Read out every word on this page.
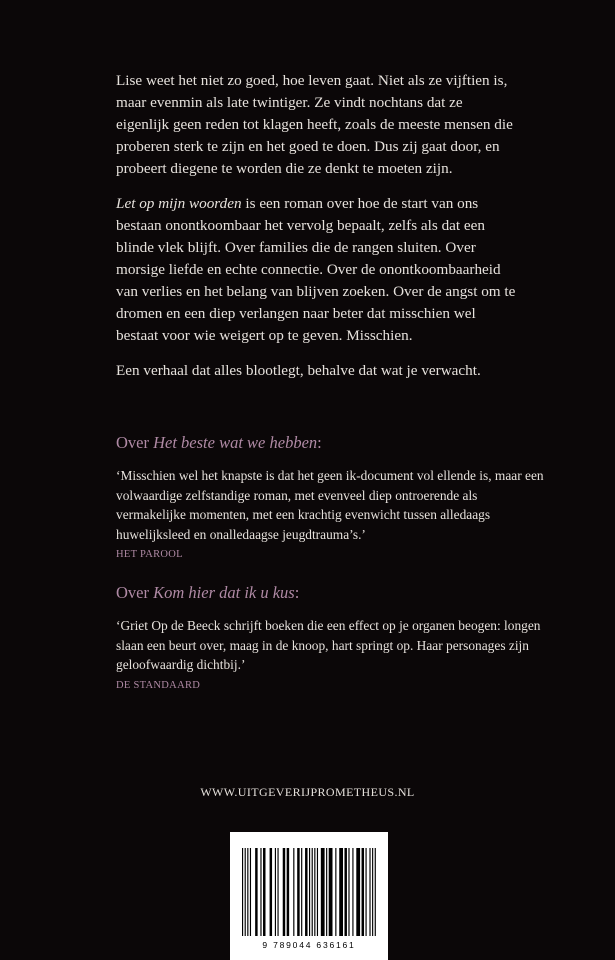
Lise weet het niet zo goed, hoe leven gaat. Niet als ze vijftien is, maar evenmin als late twintiger. Ze vindt nochtans dat ze eigenlijk geen reden tot klagen heeft, zoals de meeste mensen die proberen sterk te zijn en het goed te doen. Dus zij gaat door, en probeert diegene te worden die ze denkt te moeten zijn.

Let op mijn woorden is een roman over hoe de start van ons bestaan onontkoombaar het vervolg bepaalt, zelfs als dat een blinde vlek blijft. Over families die de rangen sluiten. Over morsige liefde en echte connectie. Over de onontkoombaarheid van verlies en het belang van blijven zoeken. Over de angst om te dromen en een diep verlangen naar beter dat misschien wel bestaat voor wie weigert op te geven. Misschien.

Een verhaal dat alles blootlegt, behalve dat wat je verwacht.

Over Het beste wat we hebben:

‘Misschien wel het knapste is dat het geen ik-document vol ellende is, maar een volwaardige zelfstandige roman, met evenveel diep ontroerende als vermakelijke momenten, met een krachtig evenwicht tussen alledaags huwelijksleed en onalledaagse jeugdtrauma’s.’

HET PAROOL

Over Kom hier dat ik u kus:

‘Griet Op de Beeck schrijft boeken die een effect op je organen beogen: longen slaan een beurt over, maag in de knoop, hart springt op. Haar personages zijn geloofwaardig dichtbij.’

DE STANDAARD

WWW.UITGEVERIJPROMETHEUS.NL
9 789044 636161
